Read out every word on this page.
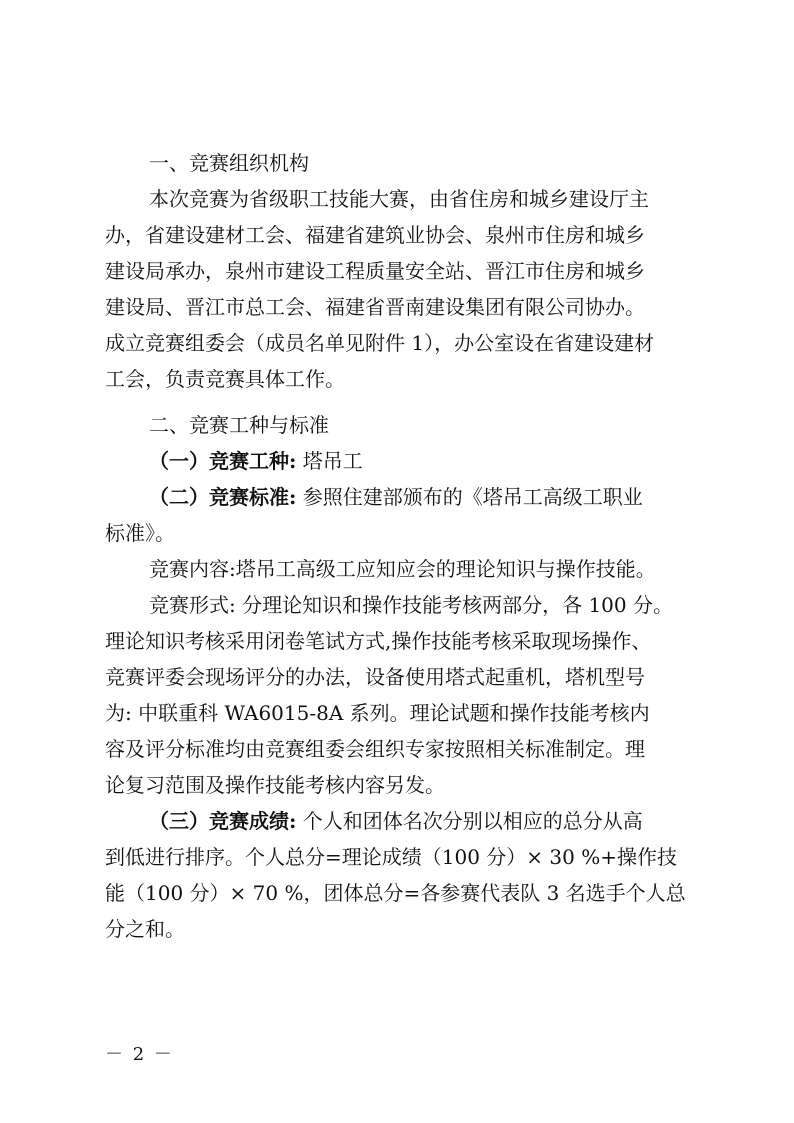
一、竞赛组织机构
本次竞赛为省级职工技能大赛，由省住房和城乡建设厅主
办，省建设建材工会、福建省建筑业协会、泉州市住房和城乡
建设局承办，泉州市建设工程质量安全站、晋江市住房和城乡
建设局、晋江市总工会、福建省晋南建设集团有限公司协办。
成立竞赛组委会（成员名单见附件 1），办公室设在省建设建材
工会，负责竞赛具体工作。
二、竞赛工种与标准
（一）竞赛工种: 塔吊工
（二）竞赛标准: 参照住建部颁布的《塔吊工高级工职业
标准》。
竞赛内容:塔吊工高级工应知应会的理论知识与操作技能。
竞赛形式: 分理论知识和操作技能考核两部分，各 100 分。
理论知识考核采用闭卷笔试方式,操作技能考核采取现场操作、
竞赛评委会现场评分的办法，设备使用塔式起重机，塔机型号
为: 中联重科 WA6015-8A 系列。理论试题和操作技能考核内
容及评分标准均由竞赛组委会组织专家按照相关标准制定。理
论复习范围及操作技能考核内容另发。
（三）竞赛成绩: 个人和团体名次分别以相应的总分从高
到低进行排序。个人总分=理论成绩（100 分）× 30 %+操作技
能（100 分）× 70 %，团体总分=各参赛代表队 3 名选手个人总
分之和。
－ 2 －
